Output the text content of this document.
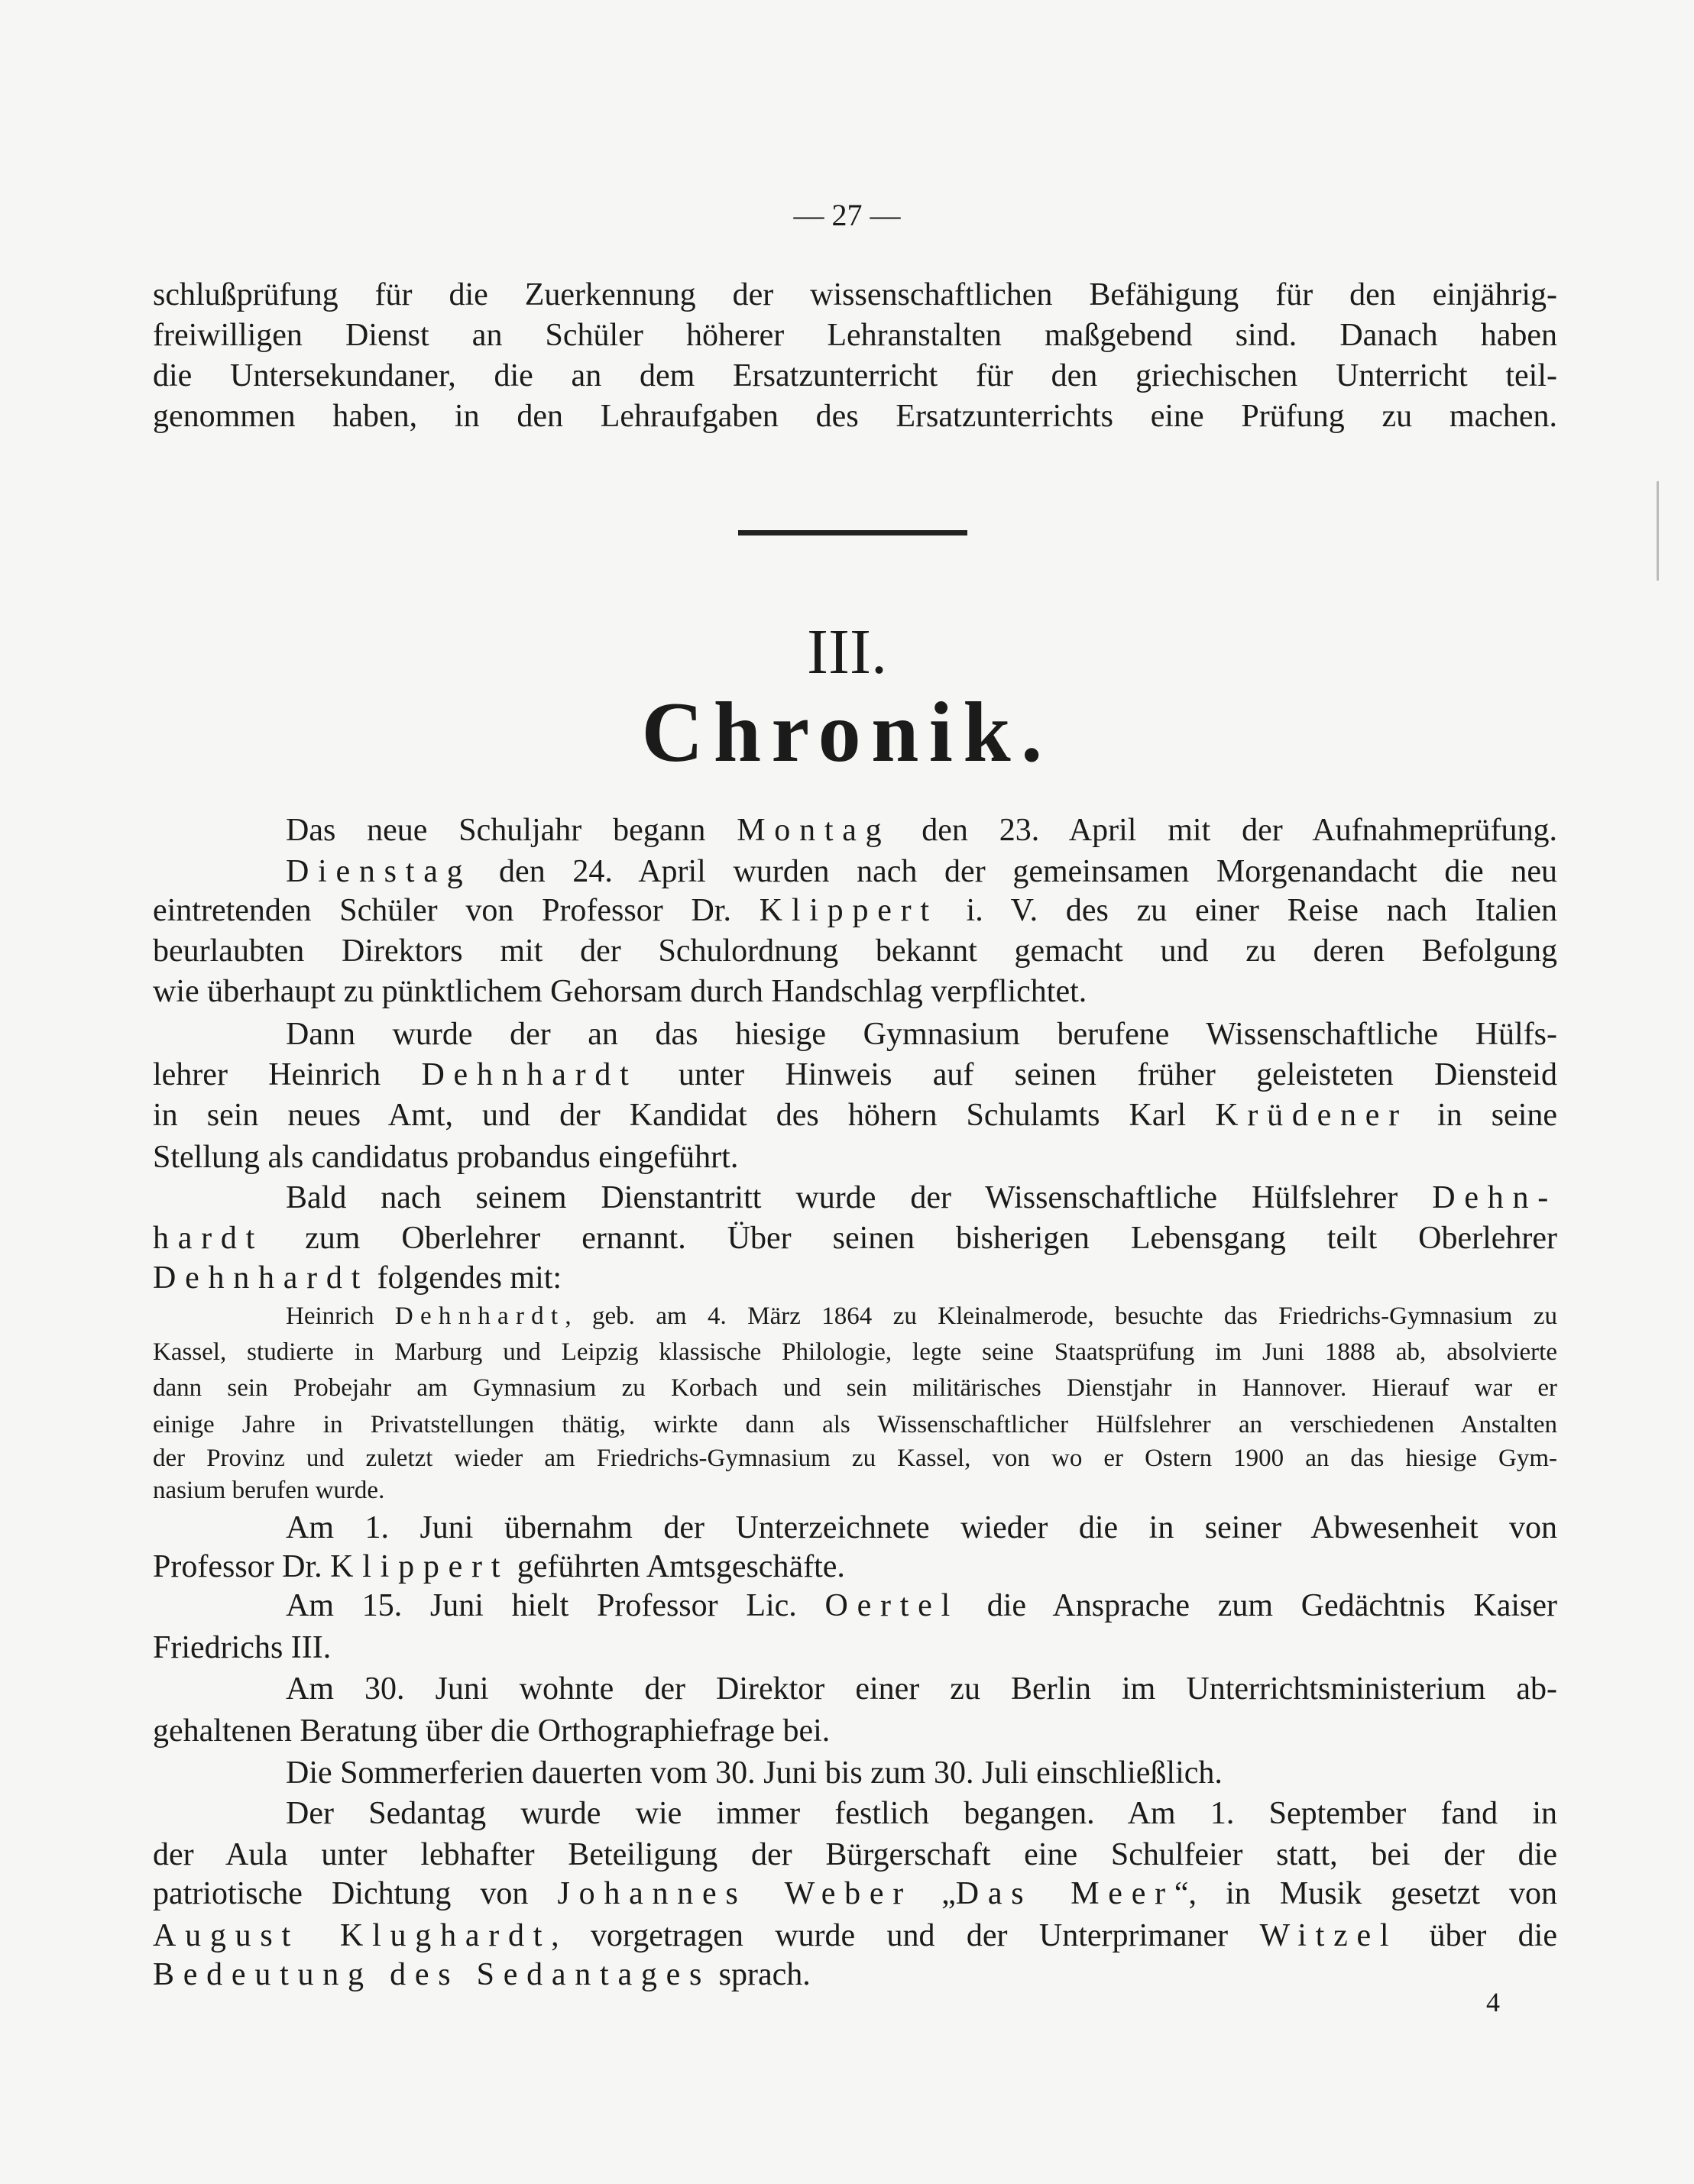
— 27 —
III.
Chronik.
schlußprüfung für die Zuerkennung der wissenschaftlichen Befähigung für den einjährig-
freiwilligen Dienst an Schüler höherer Lehranstalten maßgebend sind. Danach haben
die Untersekundaner, die an dem Ersatzunterricht für den griechischen Unterricht teil-
genommen haben, in den Lehraufgaben des Ersatzunterrichts eine Prüfung zu machen.
Das neue Schuljahr begann Montag den 23. April mit der Aufnahmeprüfung.
Dienstag den 24. April wurden nach der gemeinsamen Morgenandacht die neu
eintretenden Schüler von Professor Dr. Klippert i. V. des zu einer Reise nach Italien
beurlaubten Direktors mit der Schulordnung bekannt gemacht und zu deren Befolgung
wie überhaupt zu pünktlichem Gehorsam durch Handschlag verpflichtet.
Dann wurde der an das hiesige Gymnasium berufene Wissenschaftliche Hülfs-
lehrer Heinrich Dehnhardt unter Hinweis auf seinen früher geleisteten Diensteid
in sein neues Amt, und der Kandidat des höhern Schulamts Karl Krüdener in seine
Stellung als candidatus probandus eingeführt.
Bald nach seinem Dienstantritt wurde der Wissenschaftliche Hülfslehrer Dehn-
hardt zum Oberlehrer ernannt. Über seinen bisherigen Lebensgang teilt Oberlehrer
Dehnhardt folgendes mit:
Heinrich Dehnhardt, geb. am 4. März 1864 zu Kleinalmerode, besuchte das Friedrichs-Gymnasium zu
Kassel, studierte in Marburg und Leipzig klassische Philologie, legte seine Staatsprüfung im Juni 1888 ab, absolvierte
dann sein Probejahr am Gymnasium zu Korbach und sein militärisches Dienstjahr in Hannover. Hierauf war er
einige Jahre in Privatstellungen thätig, wirkte dann als Wissenschaftlicher Hülfslehrer an verschiedenen Anstalten
der Provinz und zuletzt wieder am Friedrichs-Gymnasium zu Kassel, von wo er Ostern 1900 an das hiesige Gym-
nasium berufen wurde.
Am 1. Juni übernahm der Unterzeichnete wieder die in seiner Abwesenheit von
Professor Dr. Klippert geführten Amtsgeschäfte.
Am 15. Juni hielt Professor Lic. Oertel die Ansprache zum Gedächtnis Kaiser
Friedrichs III.
Am 30. Juni wohnte der Direktor einer zu Berlin im Unterrichtsministerium ab-
gehaltenen Beratung über die Orthographiefrage bei.
Die Sommerferien dauerten vom 30. Juni bis zum 30. Juli einschließlich.
Der Sedantag wurde wie immer festlich begangen. Am 1. September fand in
der Aula unter lebhafter Beteiligung der Bürgerschaft eine Schulfeier statt, bei der die
patriotische Dichtung von Johannes Weber „Das Meer“, in Musik gesetzt von
August Klughardt, vorgetragen wurde und der Unterprimaner Witzel über die
Bedeutung des Sedantages sprach.
4
